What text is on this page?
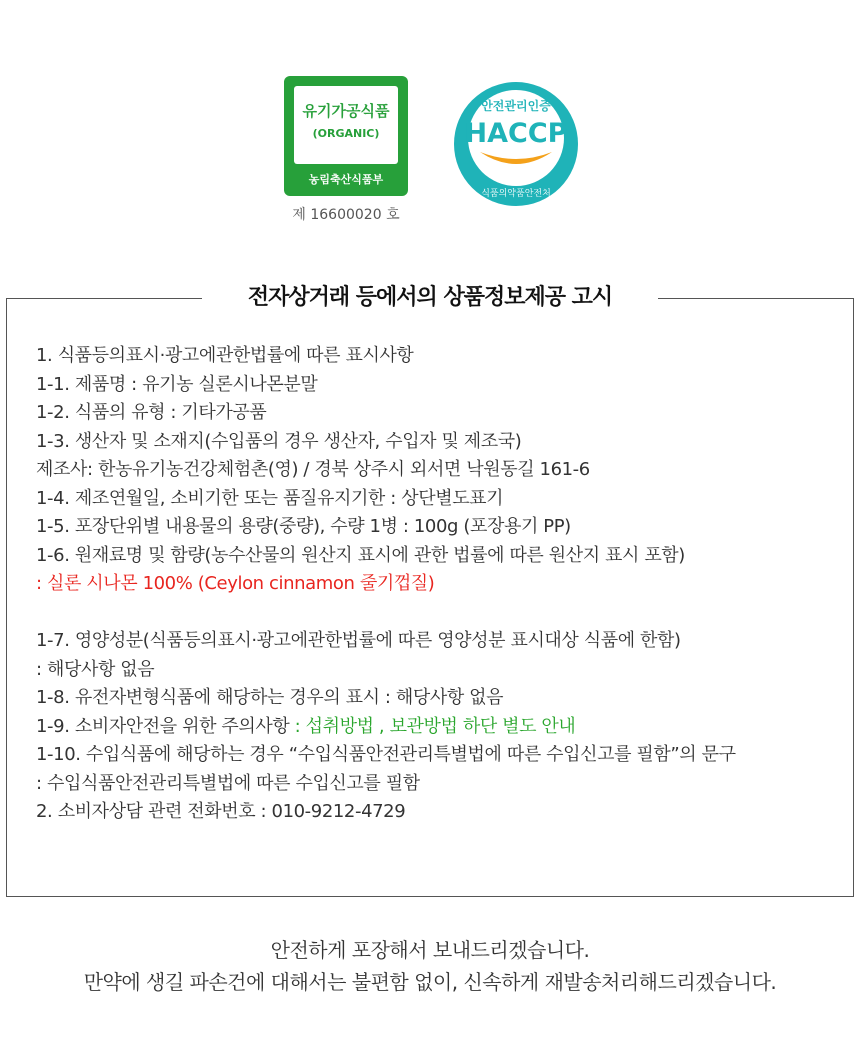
유기가공식품
(ORGANIC)
농림축산식품부
제 16600020 호
안전관리인증
HACCP
식품의약품안전처
전자상거래 등에서의 상품정보제공 고시
1. 식품등의표시·광고에관한법률에 따른 표시사항
1-1. 제품명 : 유기농 실론시나몬분말
1-2. 식품의 유형 : 기타가공품
1-3. 생산자 및 소재지(수입품의 경우 생산자, 수입자 및 제조국)
제조사: 한농유기농건강체험촌(영) / 경북 상주시 외서면 낙원동길 161-6
1-4. 제조연월일, 소비기한 또는 품질유지기한 : 상단별도표기
1-5. 포장단위별 내용물의 용량(중량), 수량 1병 : 100g (포장용기 PP)
1-6. 원재료명 및 함량(농수산물의 원산지 표시에 관한 법률에 따른 원산지 표시 포함)
: 실론 시나몬 100% (Ceylon cinnamon 줄기껍질)
1-7. 영양성분(식품등의표시·광고에관한법률에 따른 영양성분 표시대상 식품에 한함)
: 해당사항 없음
1-8. 유전자변형식품에 해당하는 경우의 표시 : 해당사항 없음
1-9. 소비자안전을 위한 주의사항 : 섭취방법 , 보관방법 하단 별도 안내
1-10. 수입식품에 해당하는 경우 “수입식품안전관리특별법에 따른 수입신고를 필함”의 문구
: 수입식품안전관리특별법에 따른 수입신고를 필함
2. 소비자상담 관련 전화번호 : 010-9212-4729
안전하게 포장해서 보내드리겠습니다.
만약에 생길 파손건에 대해서는 불편함 없이, 신속하게 재발송처리해드리겠습니다.
